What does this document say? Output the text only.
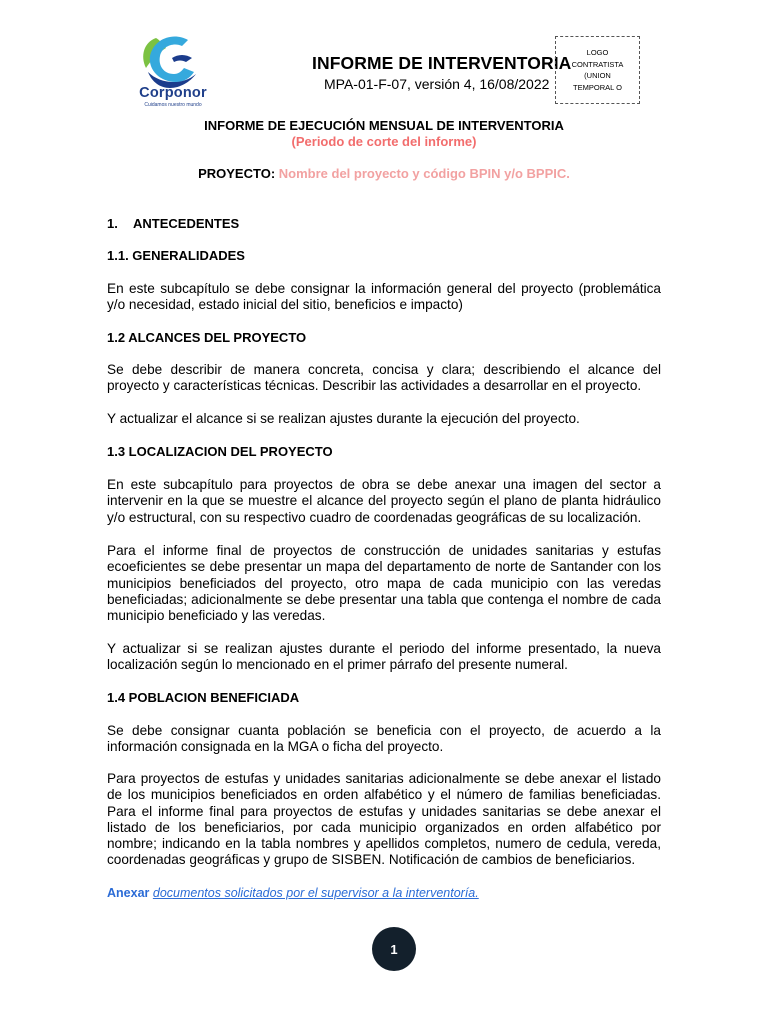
Corponor
Cuidamos nuestro mundo
INFORME DE INTERVENTORIA
MPA-01-F-07, versión 4, 16/08/2022
LOGO
CONTRATISTA
(UNION
TEMPORAL O
INFORME DE EJECUCIÓN MENSUAL DE INTERVENTORIA
(Periodo de corte del informe)
PROYECTO: Nombre del proyecto y código BPIN y/o BPPIC.
1. ANTECEDENTES
1.1. GENERALIDADES

En este subcapítulo se debe consignar la información general del proyecto (problemática y/o necesidad, estado inicial del sitio, beneficios e impacto)

1.2 ALCANCES DEL PROYECTO

Se debe describir de manera concreta, concisa y clara; describiendo el alcance del proyecto y características técnicas. Describir las actividades a desarrollar en el proyecto.

Y actualizar el alcance si se realizan ajustes durante la ejecución del proyecto.

1.3 LOCALIZACION DEL PROYECTO

En este subcapítulo para proyectos de obra se debe anexar una imagen del sector a intervenir en la que se muestre el alcance del proyecto según el plano de planta hidráulico y/o estructural, con su respectivo cuadro de coordenadas geográficas de su localización.

Para el informe final de proyectos de construcción de unidades sanitarias y estufas ecoeficientes se debe presentar un mapa del departamento de norte de Santander con los municipios beneficiados del proyecto, otro mapa de cada municipio con las veredas beneficiadas; adicionalmente se debe presentar una tabla que contenga el nombre de cada municipio beneficiado y las veredas.

Y actualizar si se realizan ajustes durante el periodo del informe presentado, la nueva localización según lo mencionado en el primer párrafo del presente numeral.

1.4 POBLACION BENEFICIADA

Se debe consignar cuanta población se beneficia con el proyecto, de acuerdo a la información consignada en la MGA o ficha del proyecto.

Para proyectos de estufas y unidades sanitarias adicionalmente se debe anexar el listado de los municipios beneficiados en orden alfabético y el número de familias beneficiadas. Para el informe final para proyectos de estufas y unidades sanitarias se debe anexar el listado de los beneficiarios, por cada municipio organizados en orden alfabético por nombre; indicando en la tabla nombres y apellidos completos, numero de cedula, vereda, coordenadas geográficas y grupo de SISBEN. Notificación de cambios de beneficiarios.

Anexar documentos solicitados por el supervisor a la interventoría.
1
